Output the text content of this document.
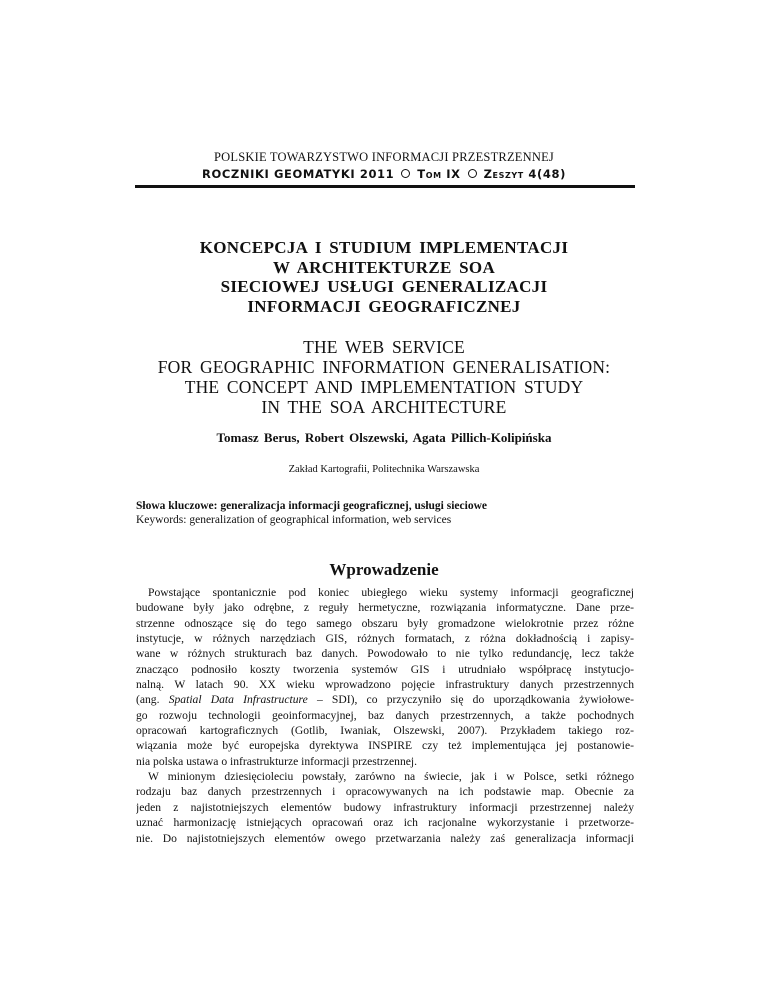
POLSKIE TOWARZYSTWO INFORMACJI PRZESTRZENNEJ
ROCZNIKI GEOMATYKI 2011 Tom IX Zeszyt 4(48)
KONCEPCJA I STUDIUM IMPLEMENTACJI
W ARCHITEKTURZE SOA
SIECIOWEJ USŁUGI GENERALIZACJI
INFORMACJI GEOGRAFICZNEJ
THE WEB SERVICE
FOR GEOGRAPHIC INFORMATION GENERALISATION:
THE CONCEPT AND IMPLEMENTATION STUDY
IN THE SOA ARCHITECTURE
Tomasz Berus, Robert Olszewski, Agata Pillich-Kolipińska
Zakład Kartografii, Politechnika Warszawska
Słowa kluczowe: generalizacja informacji geograficznej, usługi sieciowe
Keywords: generalization of geographical information, web services
Wprowadzenie
Powstające spontanicznie pod koniec ubiegłego wieku systemy informacji geograficznej
budowane były jako odrębne, z reguły hermetyczne, rozwiązania informatyczne. Dane prze-
strzenne odnoszące się do tego samego obszaru były gromadzone wielokrotnie przez różne
instytucje, w różnych narzędziach GIS, różnych formatach, z różna dokładnością i zapisy-
wane w różnych strukturach baz danych. Powodowało to nie tylko redundancję, lecz także
znacząco podnosiło koszty tworzenia systemów GIS i utrudniało współpracę instytucjo-
nalną. W latach 90. XX wieku wprowadzono pojęcie infrastruktury danych przestrzennych
(ang. Spatial Data Infrastructure – SDI), co przyczyniło się do uporządkowania żywiołowe-
go rozwoju technologii geoinformacyjnej, baz danych przestrzennych, a także pochodnych
opracowań kartograficznych (Gotlib, Iwaniak, Olszewski, 2007). Przykładem takiego roz-
wiązania może być europejska dyrektywa INSPIRE czy też implementująca jej postanowie-
nia polska ustawa o infrastrukturze informacji przestrzennej.
W minionym dziesięcioleciu powstały, zarówno na świecie, jak i w Polsce, setki różnego
rodzaju baz danych przestrzennych i opracowywanych na ich podstawie map. Obecnie za
jeden z najistotniejszych elementów budowy infrastruktury informacji przestrzennej należy
uznać harmonizację istniejących opracowań oraz ich racjonalne wykorzystanie i przetworze-
nie. Do najistotniejszych elementów owego przetwarzania należy zaś generalizacja informacji
